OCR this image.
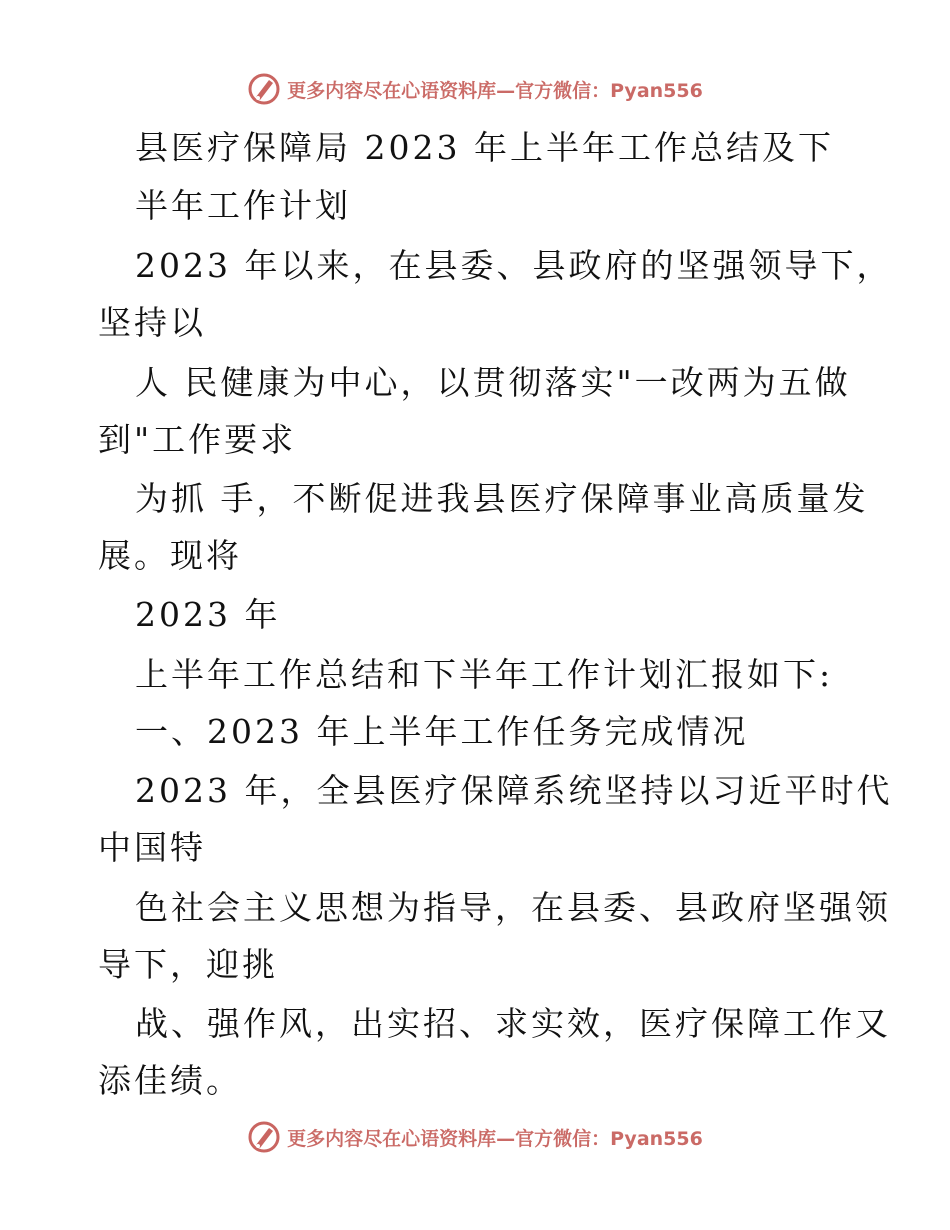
更多内容尽在心语资料库—官方微信：Pyan556
县医疗保障局 2023 年上半年工作总结及下
半年工作计划
2023 年以来，在县委、县政府的坚强领导下，
坚持以
人 民健康为中心，以贯彻落实"一改两为五做
到"工作要求
为抓 手，不断促进我县医疗保障事业高质量发
展。现将
2023 年
上半年工作总结和下半年工作计划汇报如下:
一、2023 年上半年工作任务完成情况
2023 年，全县医疗保障系统坚持以习近平时代
中国特
色社会主义思想为指导，在县委、县政府坚强领
导下，迎挑
战、强作风，出实招、求实效，医疗保障工作又
添佳绩。
更多内容尽在心语资料库—官方微信：Pyan556
